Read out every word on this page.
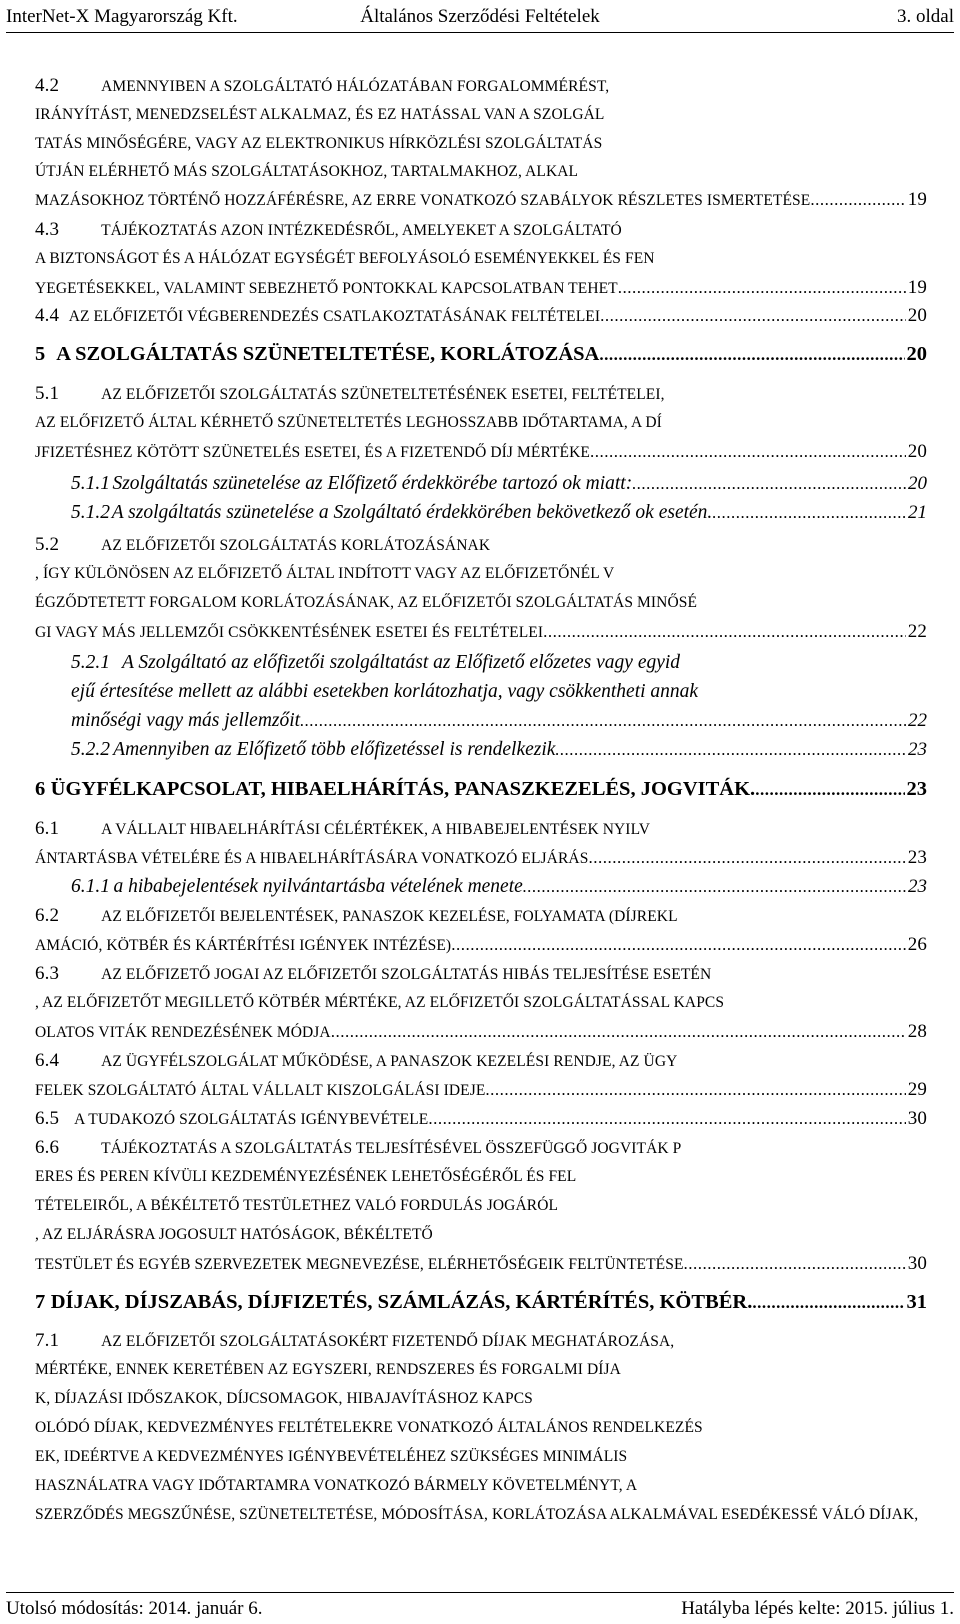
InterNet-X Magyarország Kft.	Általános Szerződési Feltételek	3. oldal
4.2	AMENNYIBEN A SZOLGÁLTATÓ HÁLÓZATÁBAN FORGALOMMÉRÉST,
IRÁNYÍTÁST, MENEDZSELÉST ALKALMAZ, ÉS EZ HATÁSSAL VAN A SZOLGÁL
TATÁS MINŐSÉGÉRE, VAGY AZ ELEKTRONIKUS HÍRKÖZLÉSI SZOLGÁLTATÁS
ÚTJÁN ELÉRHETŐ MÁS SZOLGÁLTATÁSOKHOZ, TARTALMAKHOZ, ALKAL
MAZÁSOKHOZ TÖRTÉNŐ HOZZÁFÉRÉSRE, AZ ERRE VONATKOZÓ SZABÁLYOK RÉSZLETES ISMERTETÉSE .....	19
4.3	TÁJÉKOZTATÁS AZON INTÉZKEDÉSRŐL, AMELYEKET A SZOLGÁLTATÓ
A BIZTONSÁGOT ÉS A HÁLÓZAT EGYSÉGÉT BEFOLYÁSOLÓ ESEMÉNYEKKEL ÉS FEN
YEGETÉSEKKEL, VALAMINT SEBEZHETŐ PONTOKKAL KAPCSOLATBAN TEHET .....	19
4.4 AZ ELŐFIZETŐI VÉGBERENDEZÉS CSATLAKOZTATÁSÁNAK FELTÉTELEI .....	20
5 A SZOLGÁLTATÁS SZÜNETELTETÉSE, KORLÁTOZÁSA .....	20
5.1	AZ ELŐFIZETŐI SZOLGÁLTATÁS SZÜNETELTETÉSÉNEK ESETEI, FELTÉTELEI,
AZ ELŐFIZETŐ ÁLTAL KÉRHETŐ SZÜNETELTETÉS LEGHOSSZABB IDŐTARTAMA, A DÍ
JFIZETÉSHEZ KÖTÖTT SZÜNETELÉS ESETEI, ÉS A FIZETENDŐ DÍJ MÉRTÉKE .....	20
5.1.1 Szolgáltatás szünetelése az Előfizető érdekkörébe tartozó ok miatt: .....	20
5.1.2 A szolgáltatás szünetelése a Szolgáltató érdekkörében bekövetkező ok esetén. .....	21
5.2	AZ ELŐFIZETŐI SZOLGÁLTATÁS KORLÁTOZÁSÁNAK
, ÍGY KÜLÖNÖSEN AZ ELŐFIZETŐ ÁLTAL INDÍTOTT VAGY AZ ELŐFIZETŐNÉL V
ÉGZŐDTETETT FORGALOM KORLÁTOZÁSÁNAK, AZ ELŐFIZETŐI SZOLGÁLTATÁS MINŐSÉ
GI VAGY MÁS JELLEMZŐI CSÖKKENTÉSÉNEK ESETEI ÉS FELTÉTELEI .....	22
5.2.1 A Szolgáltató az előfizetői szolgáltatást az Előfizető előzetes vagy egyid
ejű értesítése mellett az alábbi esetekben korlátozhatja, vagy csökkentheti annak
minőségi vagy más jellemzőit .....	22
5.2.2 Amennyiben az Előfizető több előfizetéssel is rendelkezik .....	23
6 ÜGYFÉLKAPCSOLAT, HIBAELHÁRÍTÁS, PANASZKEZELÉS, JOGVITÁK. .....	23
6.1	A VÁLLALT HIBAELHÁRÍTÁSI CÉLÉRTÉKEK, A HIBABEJELENTÉSEK NYILV
ÁNTARTÁSBA VÉTELÉRE ÉS A HIBAELHÁRÍTÁSÁRA VONATKOZÓ ELJÁRÁS .....	23
6.1.1 a hibabejelentések nyilvántartásba vételének menete .....	23
6.2	AZ ELŐFIZETŐI BEJELENTÉSEK, PANASZOK KEZELÉSE, FOLYAMATA (DÍJREKL
AMÁCIÓ, KÖTBÉR ÉS KÁRTÉRÍTÉSI IGÉNYEK INTÉZÉSE) .....	26
6.3	AZ ELŐFIZETŐ JOGAI AZ ELŐFIZETŐI SZOLGÁLTATÁS HIBÁS TELJESÍTÉSE ESETÉN
, AZ ELŐFIZETŐT MEGILLETŐ KÖTBÉR MÉRTÉKE, AZ ELŐFIZETŐI SZOLGÁLTATÁSSAL KAPCS
OLATOS VITÁK RENDEZÉSÉNEK MÓDJA .....	28
6.4	AZ ÜGYFÉLSZOLGÁLAT MŰKÖDÉSE, A PANASZOK KEZELÉSI RENDJE, AZ ÜGY
FELEK SZOLGÁLTATÓ ÁLTAL VÁLLALT KISZOLGÁLÁSI IDEJE .....	29
6.5 A TUDAKOZÓ SZOLGÁLTATÁS IGÉNYBEVÉTELE .....	30
6.6	TÁJÉKOZTATÁS A SZOLGÁLTATÁS TELJESÍTÉSÉVEL ÖSSZEFÜGGŐ JOGVITÁK P
ERES ÉS PEREN KÍVÜLI KEZDEMÉNYEZÉSÉNEK LEHETŐSÉGÉRŐL ÉS FEL
TÉTELEIRŐL, A BÉKÉLTETŐ TESTÜLETHEZ VALÓ FORDULÁS JOGÁRÓL
, AZ ELJÁRÁSRA JOGOSULT HATÓSÁGOK, BÉKÉLTETŐ
TESTÜLET ÉS EGYÉB SZERVEZETEK MEGNEVEZÉSE, ELÉRHETŐSÉGEIK FELTÜNTETÉSE .....	30
7 DÍJAK, DÍJSZABÁS, DÍJFIZETÉS, SZÁMLÁZÁS, KÁRTÉRÍTÉS, KÖTBÉR. .....	31
7.1	AZ ELŐFIZETŐI SZOLGÁLTATÁSOKÉRT FIZETENDŐ DÍJAK MEGHATÁROZÁSA,
MÉRTÉKE, ENNEK KERETÉBEN AZ EGYSZERI, RENDSZERES ÉS FORGALMI DÍJA
K, DÍJAZÁSI IDŐSZAKOK, DÍJCSOMAGOK, HIBAJAVÍTÁSHOZ KAPCS
OLÓDÓ DÍJAK, KEDVEZMÉNYES FELTÉTELEKRE VONATKOZÓ ÁLTALÁNOS RENDELKEZÉS
EK, IDEÉRTVE A KEDVEZMÉNYES IGÉNYBEVÉTELÉHEZ SZÜKSÉGES MINIMÁLIS
HASZNÁLATRA VAGY IDŐTARTAMRA VONATKOZÓ BÁRMELY KÖVETELMÉNYT, A
SZERZŐDÉS MEGSZŰNÉSE, SZÜNETELTETÉSE, MÓDOSÍTÁSA, KORLÁTOZÁSA ALKALMÁVAL ESEDÉKESSÉ VÁLÓ DÍJAK,
Utolsó módosítás: 2014. január 6.	Hatályba lépés kelte: 2015. július 1.
